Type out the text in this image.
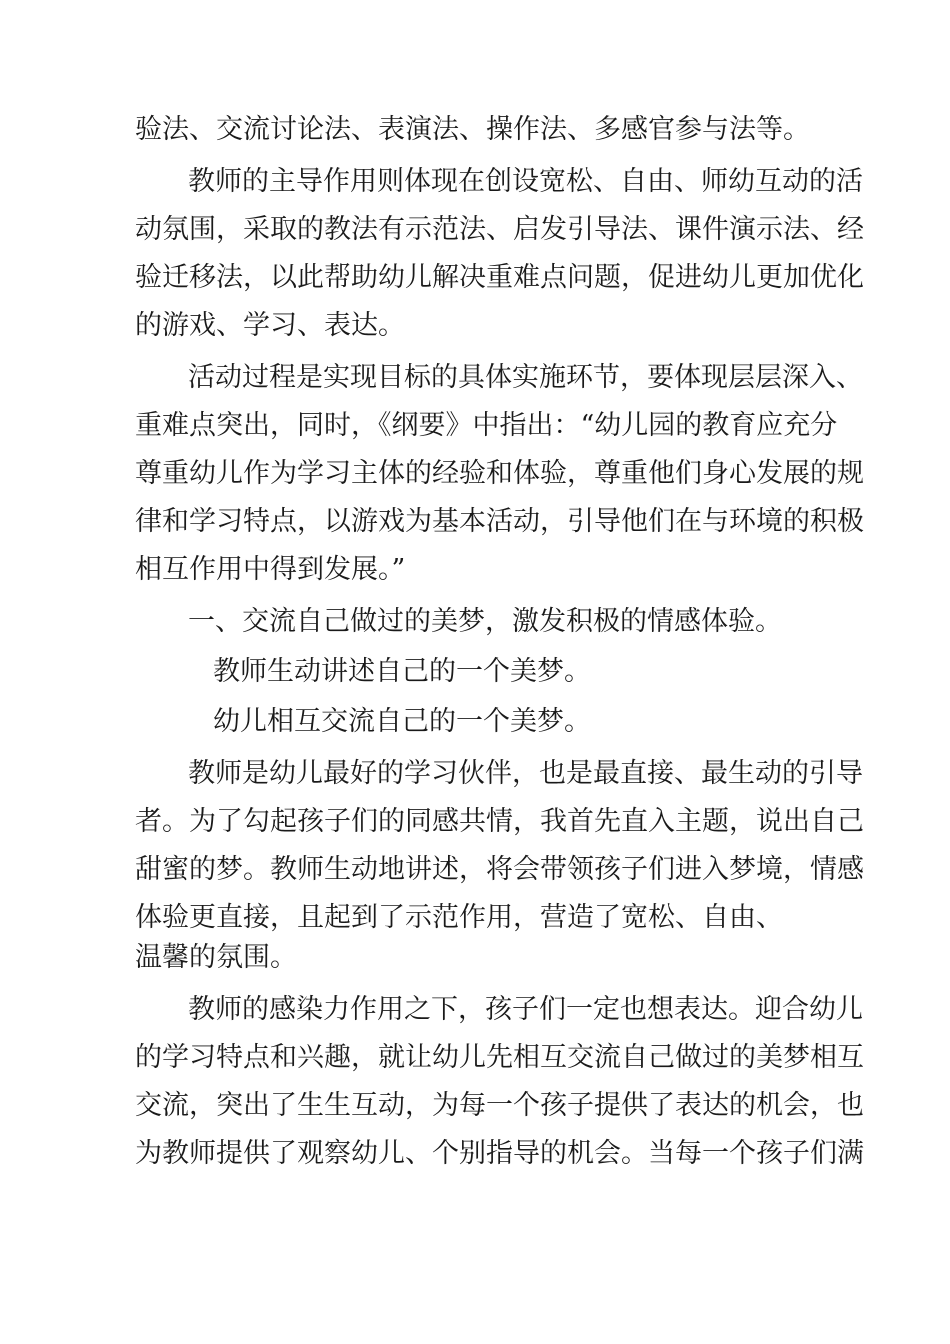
验法、交流讨论法、表演法、操作法、多感官参与法等。

教师的主导作用则体现在创设宽松、自由、师幼互动的活

动氛围，采取的教法有示范法、启发引导法、课件演示法、经

验迁移法，以此帮助幼儿解决重难点问题，促进幼儿更加优化

的游戏、学习、表达。

活动过程是实现目标的具体实施环节，要体现层层深入、

重难点突出，同时，《纲要》中指出：“幼儿园的教育应充分

尊重幼儿作为学习主体的经验和体验，尊重他们身心发展的规

律和学习特点，以游戏为基本活动，引导他们在与环境的积极

相互作用中得到发展。”

一、交流自己做过的美梦，激发积极的情感体验。

教师生动讲述自己的一个美梦。

幼儿相互交流自己的一个美梦。

教师是幼儿最好的学习伙伴，也是最直接、最生动的引导

者。为了勾起孩子们的同感共情，我首先直入主题，说出自己

甜蜜的梦。教师生动地讲述，将会带领孩子们进入梦境，情感

体验更直接，且起到了示范作用，营造了宽松、自由、

温馨的氛围。

教师的感染力作用之下，孩子们一定也想表达。迎合幼儿

的学习特点和兴趣，就让幼儿先相互交流自己做过的美梦相互

交流，突出了生生互动，为每一个孩子提供了表达的机会，也

为教师提供了观察幼儿、个别指导的机会。当每一个孩子们满
